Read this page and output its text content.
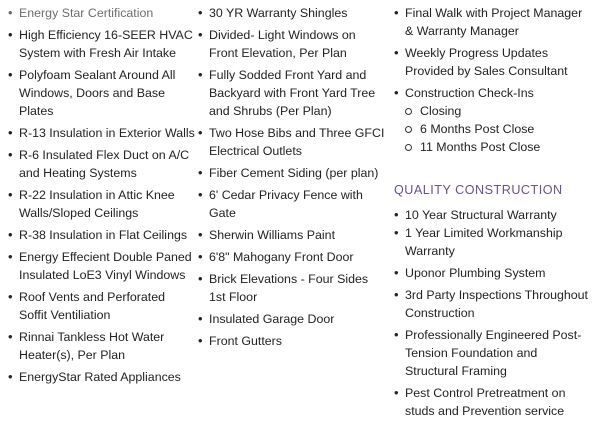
• Energy Star Certification
• High Efficiency 16-SEER HVAC System with Fresh Air Intake
• Polyfoam Sealant Around All Windows, Doors and Base Plates
• R-13 Insulation in Exterior Walls
• R-6 Insulated Flex Duct on A/C and Heating Systems
• R-22 Insulation in Attic Knee Walls/Sloped Ceilings
• R-38 Insulation in Flat Ceilings
• Energy Effecient Double Paned Insulated LoE3 Vinyl Windows
• Roof Vents and Perforated Soffit Ventiliation
• Rinnai Tankless Hot Water Heater(s), Per Plan
• EnergyStar Rated Appliances
• 30 YR Warranty Shingles
• Divided- Light Windows on Front Elevation, Per Plan
• Fully Sodded Front Yard and Backyard with Front Yard Tree and Shrubs (Per Plan)
• Two Hose Bibs and Three GFCI Electrical Outlets
• Fiber Cement Siding (per plan)
• 6' Cedar Privacy Fence with Gate
• Sherwin Williams Paint
• 6'8" Mahogany Front Door
• Brick Elevations - Four Sides 1st Floor
• Insulated Garage Door
• Front Gutters
• Final Walk with Project Manager & Warranty Manager
• Weekly Progress Updates Provided by Sales Consultant
• Construction Check-Ins
Closing
6 Months Post Close
11 Months Post Close
QUALITY CONSTRUCTION
• 10 Year Structural Warranty
• 1 Year Limited Workmanship Warranty
• Uponor Plumbing System
• 3rd Party Inspections Throughout Construction
• Professionally Engineered Post-Tension Foundation and Structural Framing
• Pest Control Pretreatment on studs and Prevention service
